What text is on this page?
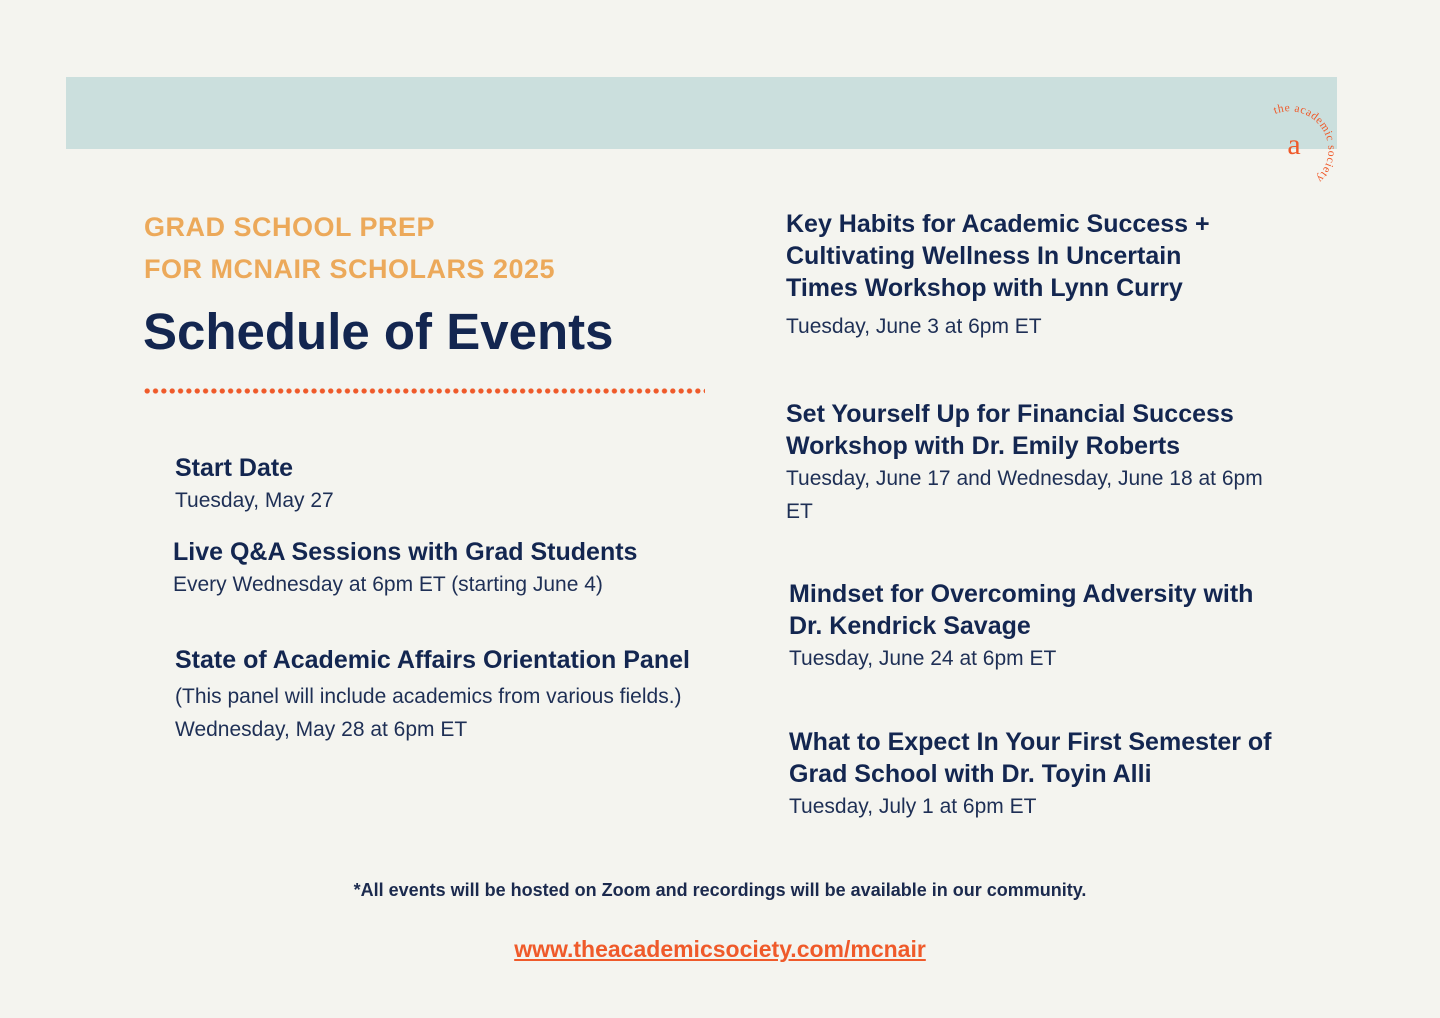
the academic society
a
GRAD SCHOOL PREP
FOR MCNAIR SCHOLARS 2025
Schedule of Events
Start Date
Tuesday, May 27
Live Q&A Sessions with Grad Students
Every Wednesday at 6pm ET (starting June 4)
State of Academic Affairs Orientation Panel
(This panel will include academics from various fields.)
Wednesday, May 28 at 6pm ET
Key Habits for Academic Success + Cultivating Wellness In Uncertain Times Workshop with Lynn Curry
Tuesday, June 3 at 6pm ET
Set Yourself Up for Financial Success Workshop with Dr. Emily Roberts
Tuesday, June 17 and Wednesday, June 18 at 6pm ET
Mindset for Overcoming Adversity with Dr. Kendrick Savage
Tuesday, June 24 at 6pm ET
What to Expect In Your First Semester of Grad School with Dr. Toyin Alli
Tuesday, July 1 at 6pm ET
*All events will be hosted on Zoom and recordings will be available in our community.
www.theacademicsociety.com/mcnair
